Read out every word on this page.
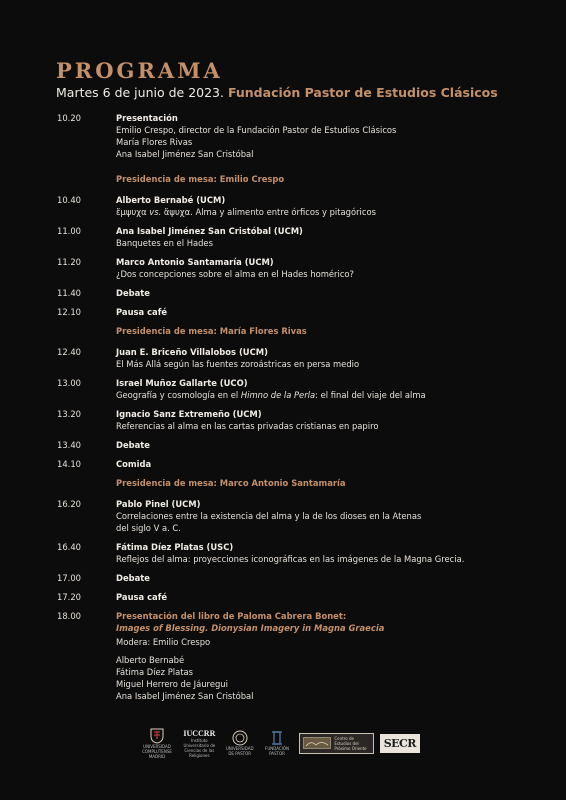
PROGRAMA
Martes 6 de junio de 2023. Fundación Pastor de Estudios Clásicos
10.20	Presentación
Emilio Crespo, director de la Fundación Pastor de Estudios Clásicos
María Flores Rivas
Ana Isabel Jiménez San Cristóbal
Presidencia de mesa: Emilio Crespo
10.40	Alberto Bernabé (UCM)
ἔμψυχα vs. ἄψυχα. Alma y alimento entre órficos y pitagóricos
11.00	Ana Isabel Jiménez San Cristóbal (UCM)
Banquetes en el Hades
11.20	Marco Antonio Santamaría (UCM)
¿Dos concepciones sobre el alma en el Hades homérico?
11.40	Debate
12.10	Pausa café
Presidencia de mesa: María Flores Rivas
12.40	Juan E. Briceño Villalobos (UCM)
El Más Allá según las fuentes zoroástricas en persa medio
13.00	Israel Muñoz Gallarte (UCO)
Geografía y cosmología en el Himno de la Perla: el final del viaje del alma
13.20	Ignacio Sanz Extremeño (UCM)
Referencias al alma en las cartas privadas cristianas en papiro
13.40	Debate
14.10	Comida
Presidencia de mesa: Marco Antonio Santamaría
16.20	Pablo Pinel (UCM)
Correlaciones entre la existencia del alma y la de los dioses en la Atenas
del siglo V a. C.
16.40	Fátima Díez Platas (USC)
Reflejos del alma: proyecciones iconográficas en las imágenes de la Magna Grecia.
17.00	Debate
17.20	Pausa café
18.00	Presentación del libro de Paloma Cabrera Bonet:
Images of Blessing. Dionysian Imagery in Magna Graecia
Modera: Emilio Crespo
Alberto Bernabé
Fátima Díez Platas
Miguel Herrero de Jáuregui
Ana Isabel Jiménez San Cristóbal
UNIVERSIDAD COMPLUTENSE MADRID
IUCCRR
Instituto Universitario de Ciencias de las Religiones
UNIVERSIDAD DE PASTOR
FUNDACIÓN PASTOR
Centro de Estudios del Próximo Oriente	SECR
